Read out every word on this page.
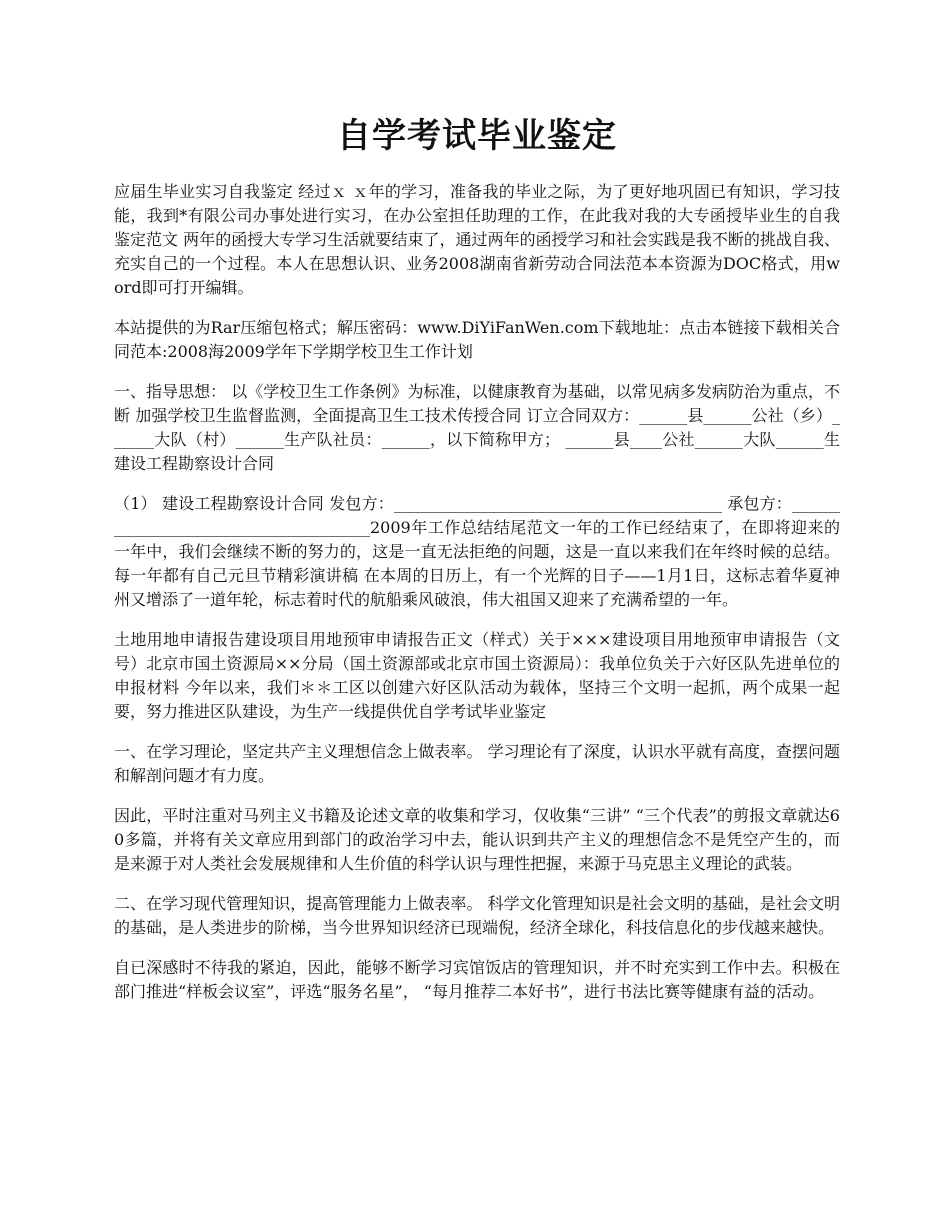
自学考试毕业鉴定

应届生毕业实习自我鉴定 经过ｘ ｘ年的学习，准备我的毕业之际，为了更好地巩固已有知识，学习技能，我到*有限公司办事处进行实习，在办公室担任助理的工作，在此我对我的大专函授毕业生的自我鉴定范文 两年的函授大专学习生活就要结束了，通过两年的函授学习和社会实践是我不断的挑战自我、充实自己的一个过程。本人在思想认识、业务2008湖南省新劳动合同法范本本资源为DOC格式，用word即可打开编辑。

本站提供的为Rar压缩包格式；解压密码：www.DiYiFanWen.com下载地址：点击本链接下载相关合同范本:2008海2009学年下学期学校卫生工作计划

一、指导思想： 以《学校卫生工作条例》为标准，以健康教育为基础，以常见病多发病防治为重点，不断 加强学校卫生监督监测，全面提高卫生工技术传授合同 订立合同双方：______县______公社（乡）______大队（村）______生产队社员：______，以下简称甲方； ______县____公社______大队______生建设工程勘察设计合同

（1） 建设工程勘察设计合同 发包方：_________________________________________ 承包方：______________________________________2009年工作总结结尾范文一年的工作已经结束了，在即将迎来的一年中，我们会继续不断的努力的，这是一直无法拒绝的问题，这是一直以来我们在年终时候的总结。每一年都有自己元旦节精彩演讲稿 在本周的日历上，有一个光辉的日子——1月1日，这标志着华夏神州又增添了一道年轮，标志着时代的航船乘风破浪，伟大祖国又迎来了充满希望的一年。

土地用地申请报告建设项目用地预审申请报告正文（样式）关于×××建设项目用地预审申请报告（文号）北京市国土资源局××分局（国土资源部或北京市国土资源局）：我单位负关于六好区队先进单位的申报材料 今年以来，我们＊＊工区以创建六好区队活动为载体，坚持三个文明一起抓，两个成果一起要，努力推进区队建设，为生产一线提供优自学考试毕业鉴定

一、在学习理论，坚定共产主义理想信念上做表率。 学习理论有了深度，认识水平就有高度，查摆问题和解剖问题才有力度。

因此，平时注重对马列主义书籍及论述文章的收集和学习，仅收集“三讲” “三个代表”的剪报文章就达60多篇，并将有关文章应用到部门的政治学习中去，能认识到共产主义的理想信念不是凭空产生的，而是来源于对人类社会发展规律和人生价值的科学认识与理性把握，来源于马克思主义理论的武装。

二、在学习现代管理知识，提高管理能力上做表率。 科学文化管理知识是社会文明的基础，是社会文明的基础，是人类进步的阶梯，当今世界知识经济已现端倪，经济全球化，科技信息化的步伐越来越快。

自已深感时不待我的紧迫，因此，能够不断学习宾馆饭店的管理知识，并不时充实到工作中去。积极在部门推进“样板会议室”，评选“服务名星”， “每月推荐二本好书”，进行书法比赛等健康有益的活动。
